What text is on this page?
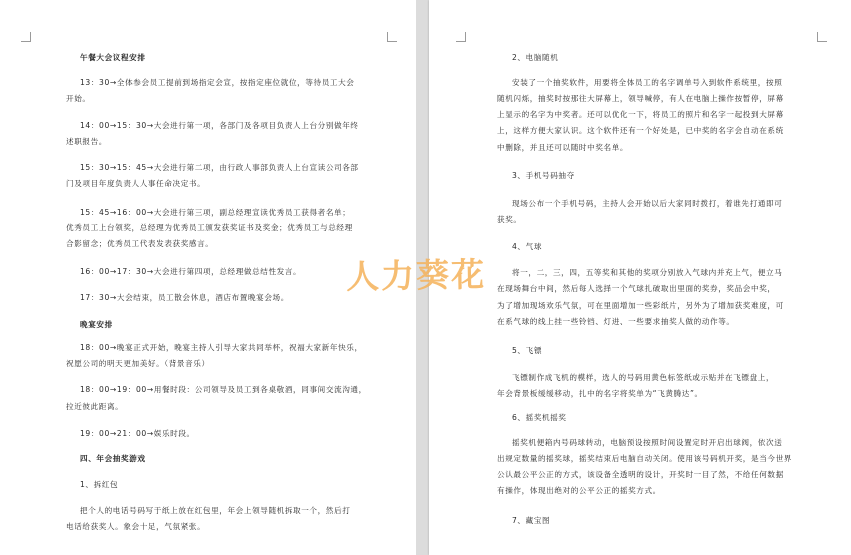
午餐大会议程安排
13：30→全体参会员工提前到场指定会宣，按指定座位就位，等待员工大会
开始。
14：00→15：30→大会进行第一项，各部门及各项目负责人上台分别做年终
述职报告。
15：30→15：45→大会进行第二项，由行政人事部负责人上台宣读公司各部
门及项目年度负责人人事任命决定书。
15：45→16：00→大会进行第三项，副总经理宣读优秀员工获得者名单；
优秀员工上台领奖，总经理为优秀员工颁发获奖证书及奖金；优秀员工与总经理
合影留念；优秀员工代表发表获奖感言。
16：00→17：30→大会进行第四项，总经理做总结性发言。
17：30→大会结束，员工散会休息，酒店布置晚宴会场。
晚宴安排
18：00→晚宴正式开始，晚宴主持人引导大家共同举杯，祝福大家新年快乐，
祝愿公司的明天更加美好。（背景音乐）
18：00→19：00→用餐时段：公司领导及员工到各桌敬酒，同事间交流沟通，
拉近彼此距离。
19：00→21：00→娱乐时段。
四、年会抽奖游戏
1、拆红包
把个人的电话号码写于纸上放在红包里，年会上领导随机拆取一个，然后打
电话给获奖人。象会十足，气氛紧张。
2、电脑随机
安装了一个抽奖软件，用要将全体员工的名字调单号入到软件系统里，按照
随机闪烁，抽奖时按那往大屏幕上，领导喊停，有人在电脑上操作按暂停，屏幕
上显示的名字为中奖者。还可以优化一下，将员工的照片和名字一起投到大屏幕
上，这样方便大家认识。这个软件还有一个好处是，已中奖的名字会自动在系统
中删除，并且还可以随时中奖名单。
3、手机号码抽夺
现场公布一个手机号码，主持人会开始以后大家同时拨打，着谁先打通即可
获奖。
4、气球
将一，二，三，四，五等奖和其他的奖项分别放入气球内并充上气，便立马
在现场舞台中间，然后每人选择一个气球扎破取出里面的奖券，奖品会中奖，
为了增加现场欢乐气氛，可在里面增加一些彩纸片，另外为了增加获奖难度，可
在系气球的线上挂一些铃铛、灯进、一些要求抽奖人做的动作等。
5、飞镖
飞镖制作成飞机的模样，选人的号码用黄色标签纸或示贴并在飞镖盘上，
年会背景板缓缓移动，扎中的名字将奖单为“飞黄腾达”。
6、摇奖机摇奖
摇奖机便箱内号码球转动，电脑预设按照时间设置定时开启出球阀，依次送
出规定数量的摇奖球，摇奖结束后电脑自动关闭。使用该号码机开奖，是当今世界
公认最公平公正的方式，该设备全透明的设计，开奖时一目了然，不给任何数据
有操作，体现出绝对的公平公正的摇奖方式。
7、藏宝图
人力葵花
